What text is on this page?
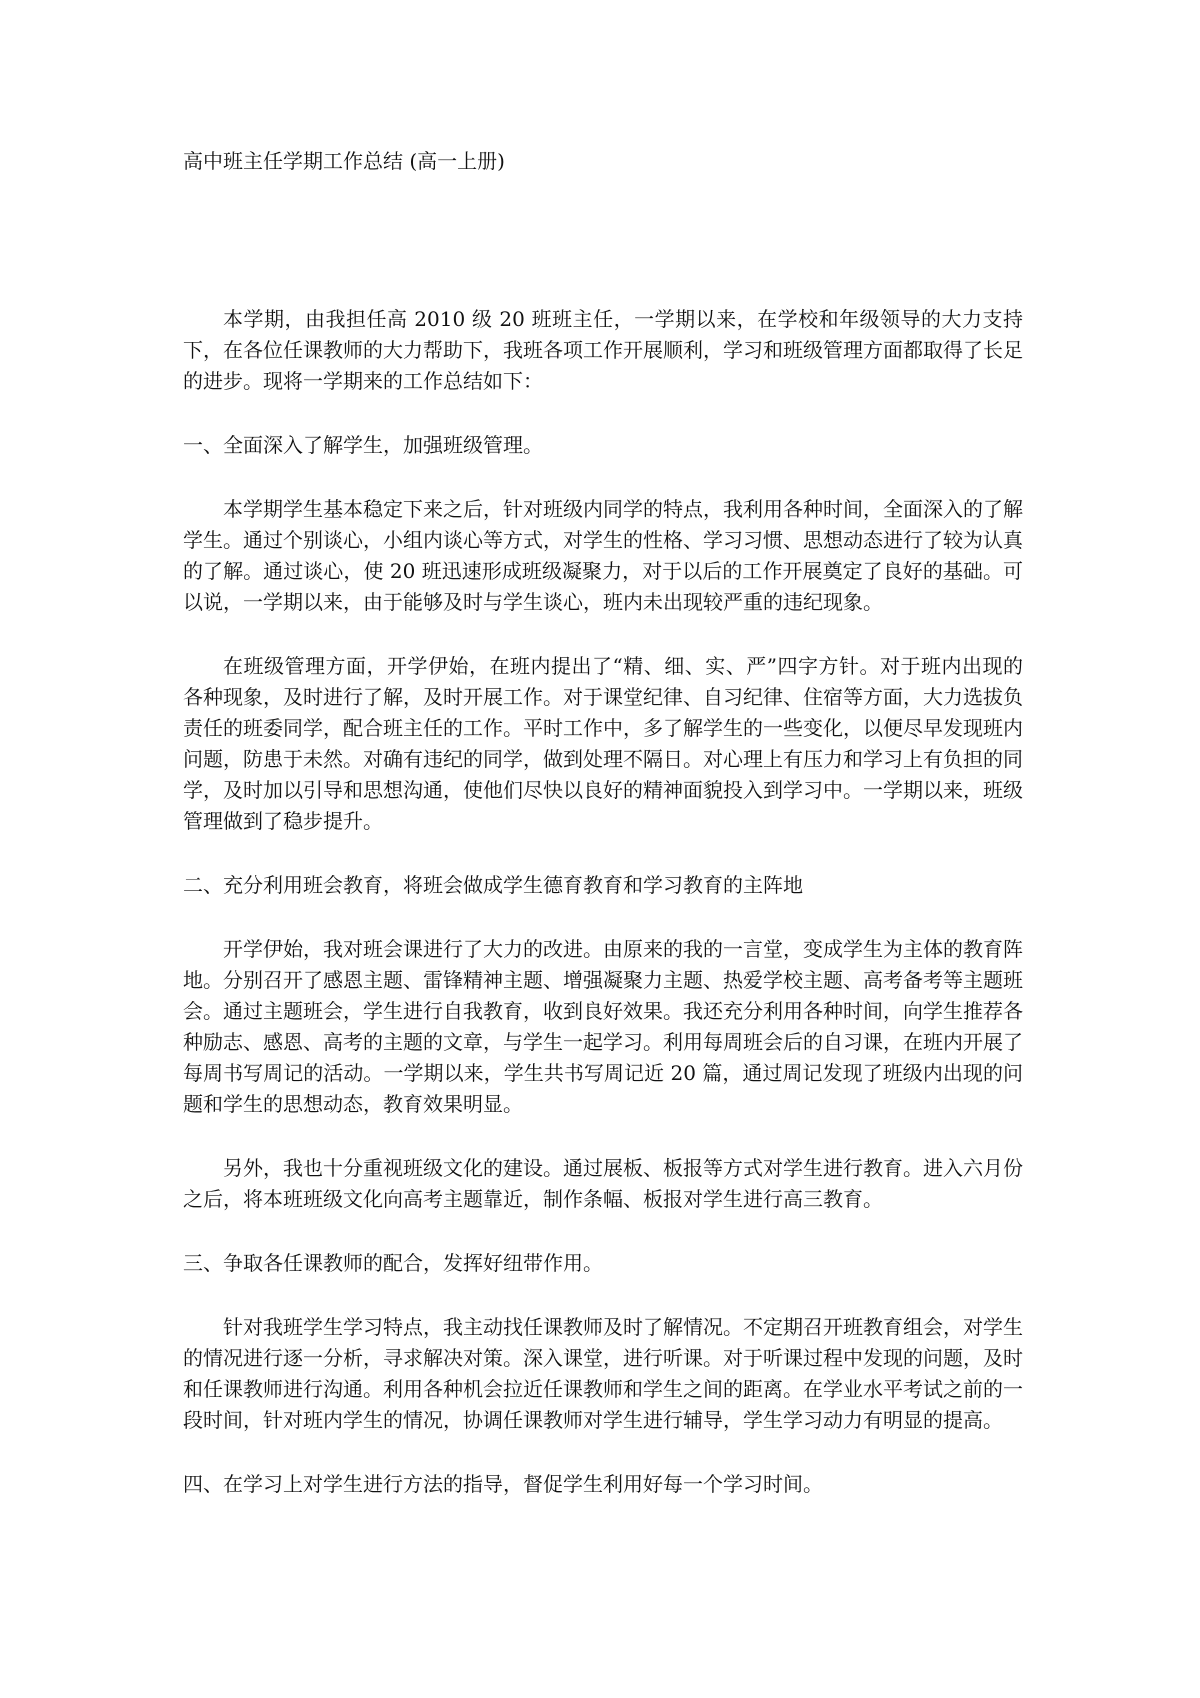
高中班主任学期工作总结 (高一上册)

本学期，由我担任高 2010 级 20 班班主任，一学期以来，在学校和年级领导的大力支持下，在各位任课教师的大力帮助下，我班各项工作开展顺利，学习和班级管理方面都取得了长足的进步。现将一学期来的工作总结如下：

一、全面深入了解学生，加强班级管理。

本学期学生基本稳定下来之后，针对班级内同学的特点，我利用各种时间，全面深入的了解学生。通过个别谈心，小组内谈心等方式，对学生的性格、学习习惯、思想动态进行了较为认真的了解。通过谈心，使 20 班迅速形成班级凝聚力，对于以后的工作开展奠定了良好的基础。可以说，一学期以来，由于能够及时与学生谈心，班内未出现较严重的违纪现象。

在班级管理方面，开学伊始，在班内提出了“精、细、实、严”四字方针。对于班内出现的各种现象，及时进行了解，及时开展工作。对于课堂纪律、自习纪律、住宿等方面，大力选拔负责任的班委同学，配合班主任的工作。平时工作中，多了解学生的一些变化，以便尽早发现班内问题，防患于未然。对确有违纪的同学，做到处理不隔日。对心理上有压力和学习上有负担的同学，及时加以引导和思想沟通，使他们尽快以良好的精神面貌投入到学习中。一学期以来，班级管理做到了稳步提升。

二、充分利用班会教育，将班会做成学生德育教育和学习教育的主阵地

开学伊始，我对班会课进行了大力的改进。由原来的我的一言堂，变成学生为主体的教育阵地。分别召开了感恩主题、雷锋精神主题、增强凝聚力主题、热爱学校主题、高考备考等主题班会。通过主题班会，学生进行自我教育，收到良好效果。我还充分利用各种时间，向学生推荐各种励志、感恩、高考的主题的文章，与学生一起学习。利用每周班会后的自习课，在班内开展了每周书写周记的活动。一学期以来，学生共书写周记近 20 篇，通过周记发现了班级内出现的问题和学生的思想动态，教育效果明显。

另外，我也十分重视班级文化的建设。通过展板、板报等方式对学生进行教育。进入六月份之后，将本班班级文化向高考主题靠近，制作条幅、板报对学生进行高三教育。

三、争取各任课教师的配合，发挥好纽带作用。

针对我班学生学习特点，我主动找任课教师及时了解情况。不定期召开班教育组会，对学生的情况进行逐一分析，寻求解决对策。深入课堂，进行听课。对于听课过程中发现的问题，及时和任课教师进行沟通。利用各种机会拉近任课教师和学生之间的距离。在学业水平考试之前的一段时间，针对班内学生的情况，协调任课教师对学生进行辅导，学生学习动力有明显的提高。

四、在学习上对学生进行方法的指导，督促学生利用好每一个学习时间。
